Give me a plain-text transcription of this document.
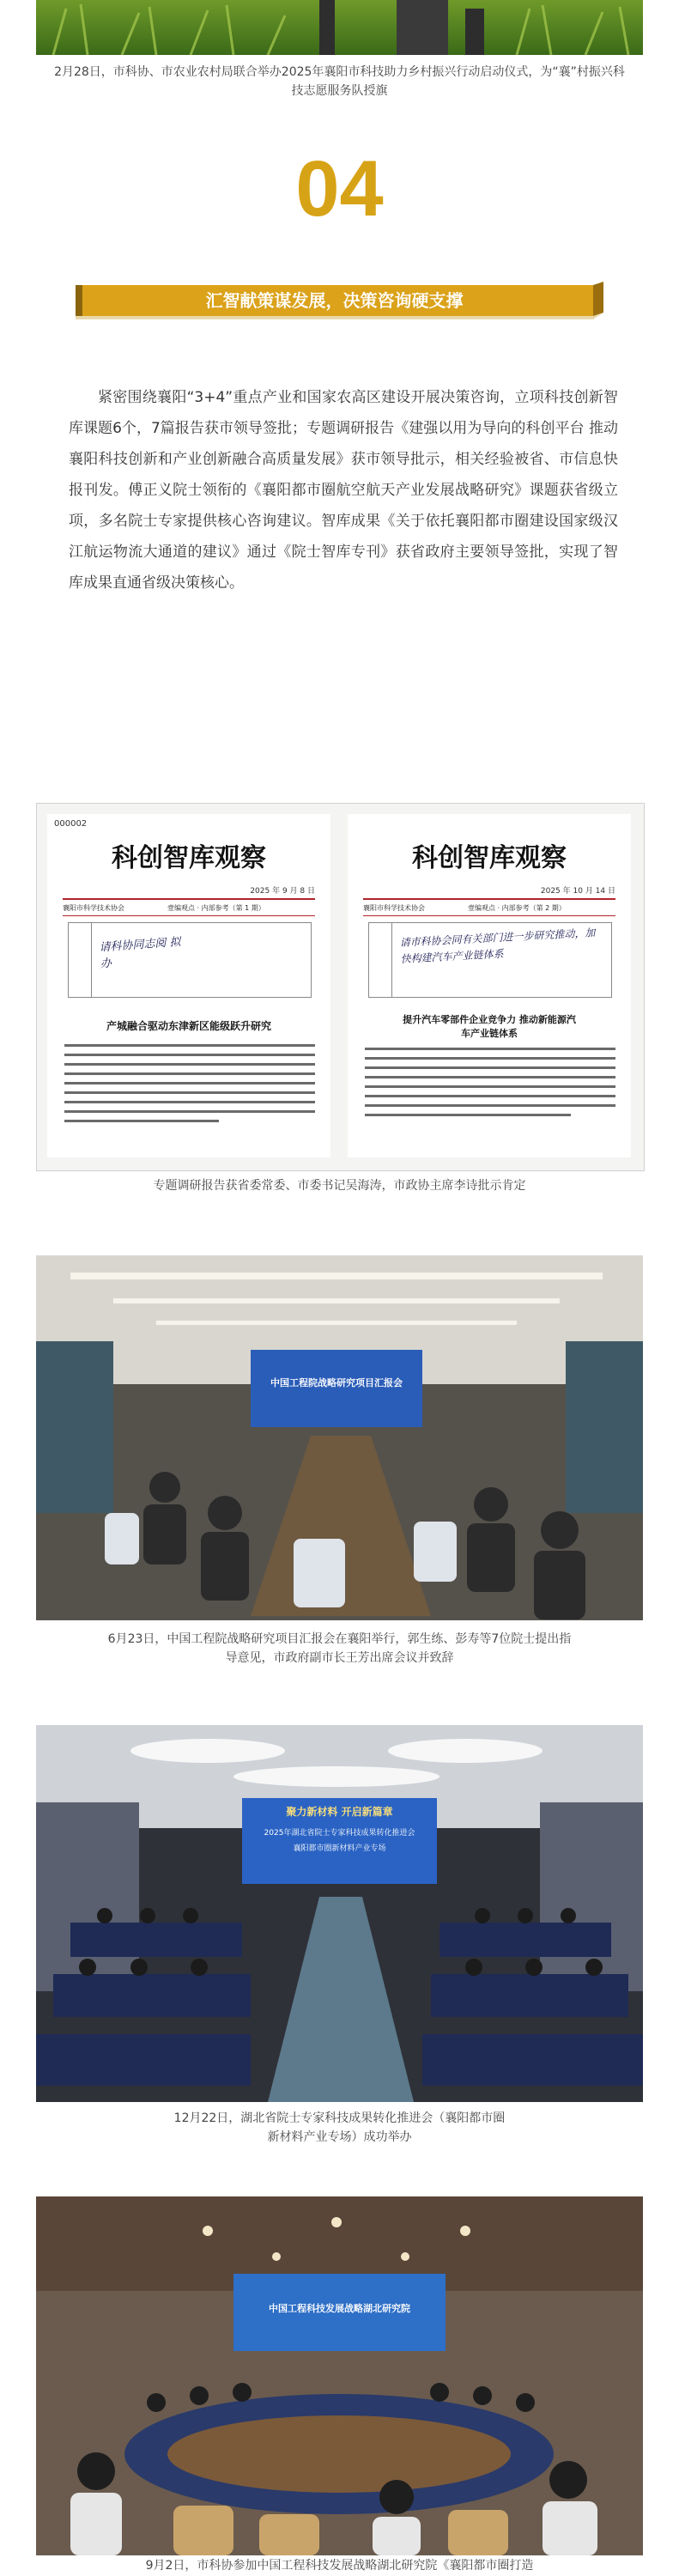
2月28日，市科协、市农业农村局联合举办2025年襄阳市科技助力乡村振兴行动启动仪式，为“襄”村振兴科技志愿服务队授旗
04
汇智献策谋发展，决策咨询硬支撑

紧密围绕襄阳“3+4”重点产业和国家农高区建设开展决策咨询，立项科技创新智库课题6个，7篇报告获市领导签批；专题调研报告《建强以用为导向的科创平台 推动襄阳科技创新和产业创新融合高质量发展》获市领导批示，相关经验被省、市信息快报刊发。傅正义院士领衔的《襄阳都市圈航空航天产业发展战略研究》课题获省级立项，多名院士专家提供核心咨询建议。智库成果《关于依托襄阳都市圈建设国家级汉江航运物流大通道的建议》通过《院士智库专刊》获省政府主要领导签批，实现了智库成果直通省级决策核心。

000002
科创智库观察
2025 年 9 月 8 日
襄阳市科学技术协会	壹编观点 · 内部参考（第 1 期）
请科协同志阅 拟办
产城融合驱动东津新区能级跃升研究
科创智库观察
2025 年 10 月 14 日
襄阳市科学技术协会	壹编观点 · 内部参考（第 2 期）
请市科协会同有关部门进一步研究推动，加快构建汽车产业链体系
提升汽车零部件企业竞争力 推动新能源汽车产业链体系
专题调研报告获省委常委、市委书记吴海涛，市政协主席李诗批示肯定
中国工程院战略研究项目汇报会
6月23日，中国工程院战略研究项目汇报会在襄阳举行，郭生练、彭寿等7位院士提出指导意见，市政府副市长王芳出席会议并致辞
聚力新材料 开启新篇章
2025年湖北省院士专家科技成果转化推进会
襄阳都市圈新材料产业专场
12月22日，湖北省院士专家科技成果转化推进会（襄阳都市圈新材料产业专场）成功举办
中国工程科技发展战略湖北研究院
9月2日，市科协参加中国工程科技发展战略湖北研究院《襄阳都市圈打造
